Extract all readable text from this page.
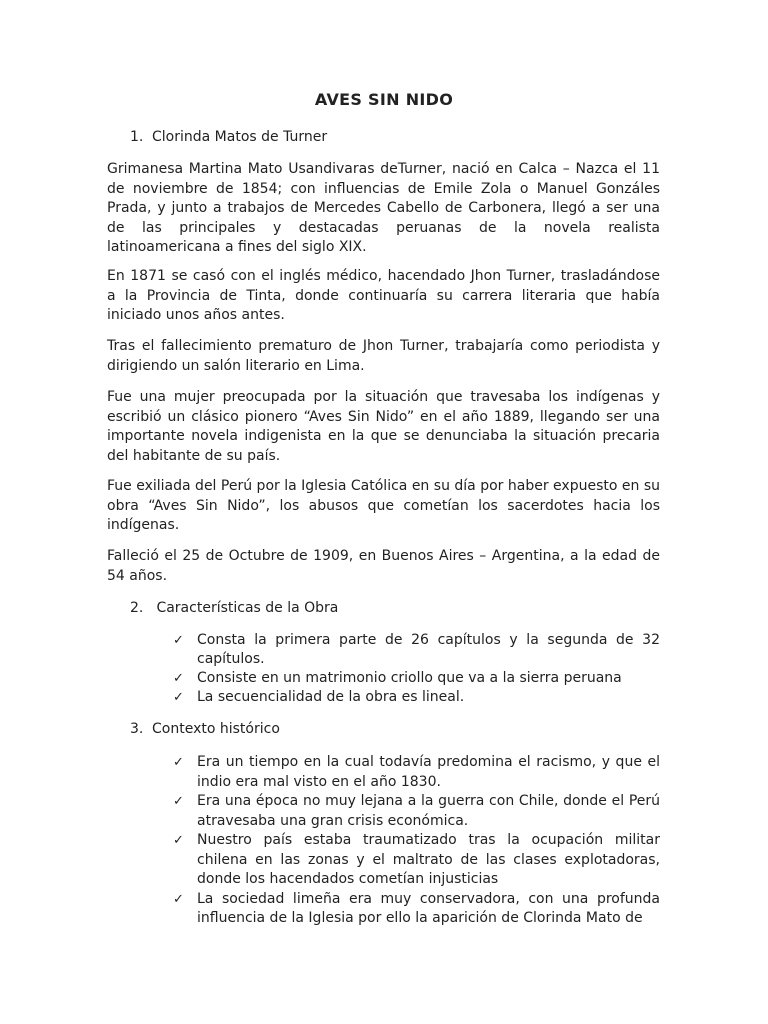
AVES SIN NIDO
1. Clorinda Matos de Turner
Grimanesa Martina Mato Usandivaras deTurner, nació en Calca – Nazca el 11 de noviembre de 1854; con influencias de Emile Zola o Manuel Gonzáles Prada, y junto a trabajos de Mercedes Cabello de Carbonera, llegó a ser una de las principales y destacadas peruanas de la novela realista latinoamericana a fines del siglo XIX.
En 1871 se casó con el inglés médico, hacendado Jhon Turner, trasladándose a la Provincia de Tinta, donde continuaría su carrera literaria que había iniciado unos años antes.
Tras el fallecimiento prematuro de Jhon Turner, trabajaría como periodista y dirigiendo un salón literario en Lima.
Fue una mujer preocupada por la situación que travesaba los indígenas y escribió un clásico pionero “Aves Sin Nido” en el año 1889, llegando ser una importante novela indigenista en la que se denunciaba la situación precaria del habitante de su país.
Fue exiliada del Perú por la Iglesia Católica en su día por haber expuesto en su obra “Aves Sin Nido”, los abusos que cometían los sacerdotes hacia los indígenas.
Falleció el 25 de Octubre de 1909, en Buenos Aires – Argentina, a la edad de 54 años.
2. Características de la Obra
✓ Consta la primera parte de 26 capítulos y la segunda de 32 capítulos.
✓ Consiste en un matrimonio criollo que va a la sierra peruana
✓ La secuencialidad de la obra es lineal.
3. Contexto histórico
✓ Era un tiempo en la cual todavía predomina el racismo, y que el indio era mal visto en el año 1830.
✓ Era una época no muy lejana a la guerra con Chile, donde el Perú atravesaba una gran crisis económica.
✓ Nuestro país estaba traumatizado tras la ocupación militar chilena en las zonas y el maltrato de las clases explotadoras, donde los hacendados cometían injusticias
✓ La sociedad limeña era muy conservadora, con una profunda influencia de la Iglesia por ello la aparición de Clorinda Mato de
